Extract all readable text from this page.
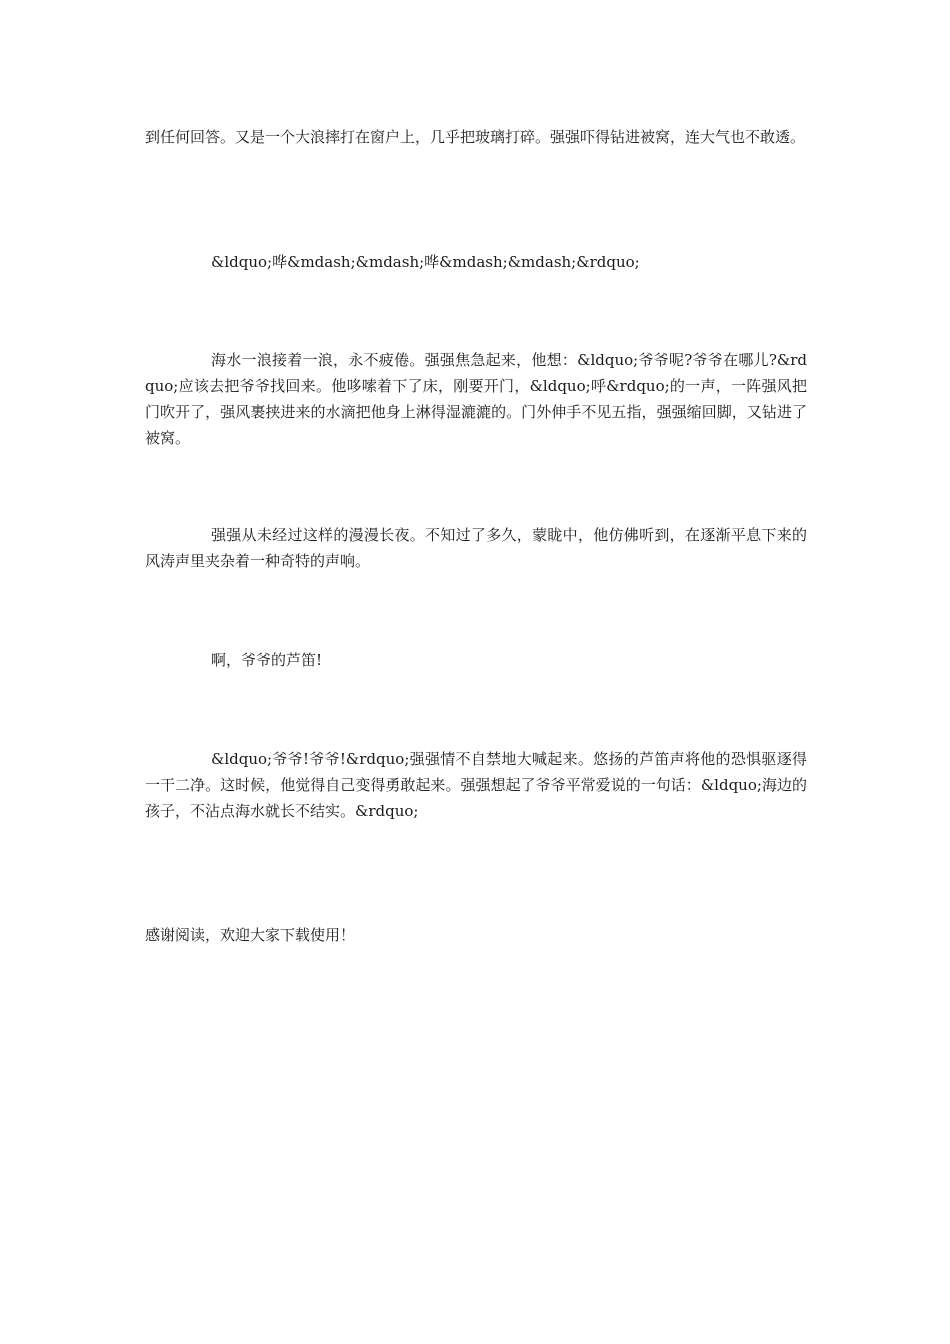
到任何回答。又是一个大浪摔打在窗户上，几乎把玻璃打碎。强强吓得钻进被窝，连大气也不敢透。

&ldquo;哗&mdash;&mdash;哗&mdash;&mdash;&rdquo;

海水一浪接着一浪，永不疲倦。强强焦急起来，他想：&ldquo;爷爷呢?爷爷在哪儿?&rdquo;应该去把爷爷找回来。他哆嗦着下了床，刚要开门，&ldquo;呼&rdquo;的一声，一阵强风把门吹开了，强风裹挟进来的水滴把他身上淋得湿漉漉的。门外伸手不见五指，强强缩回脚，又钻进了被窝。

强强从未经过这样的漫漫长夜。不知过了多久，蒙眬中，他仿佛听到，在逐渐平息下来的风涛声里夹杂着一种奇特的声响。

啊，爷爷的芦笛!

&ldquo;爷爷!爷爷!&rdquo;强强情不自禁地大喊起来。悠扬的芦笛声将他的恐惧驱逐得一干二净。这时候，他觉得自己变得勇敢起来。强强想起了爷爷平常爱说的一句话：&ldquo;海边的孩子，不沾点海水就长不结实。&rdquo;

感谢阅读，欢迎大家下载使用！
